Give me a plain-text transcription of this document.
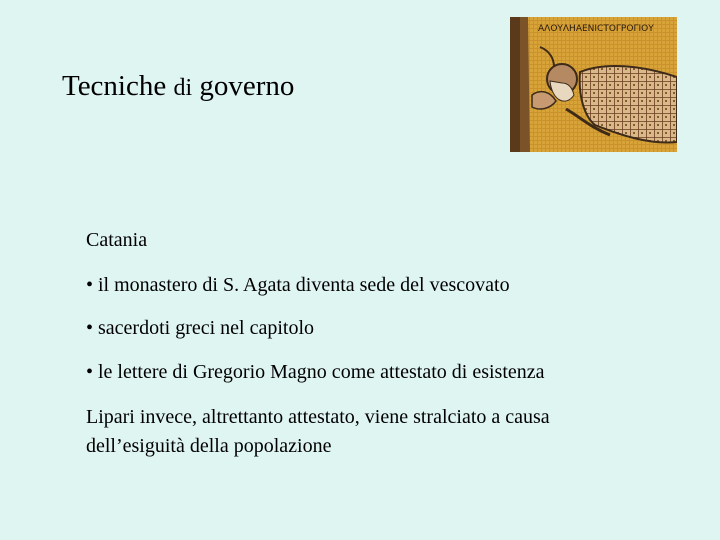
Tecniche di governo
ΑΛΟΥΛΗΑΕΝΙCΤΟΓΡΟΓΙΟΥ
Catania
• il monastero di S. Agata diventa sede del vescovato
• sacerdoti greci nel capitolo
• le lettere di Gregorio Magno come attestato di esistenza
Lipari invece, altrettanto attestato, viene stralciato a causa
dell’esiguità della popolazione
